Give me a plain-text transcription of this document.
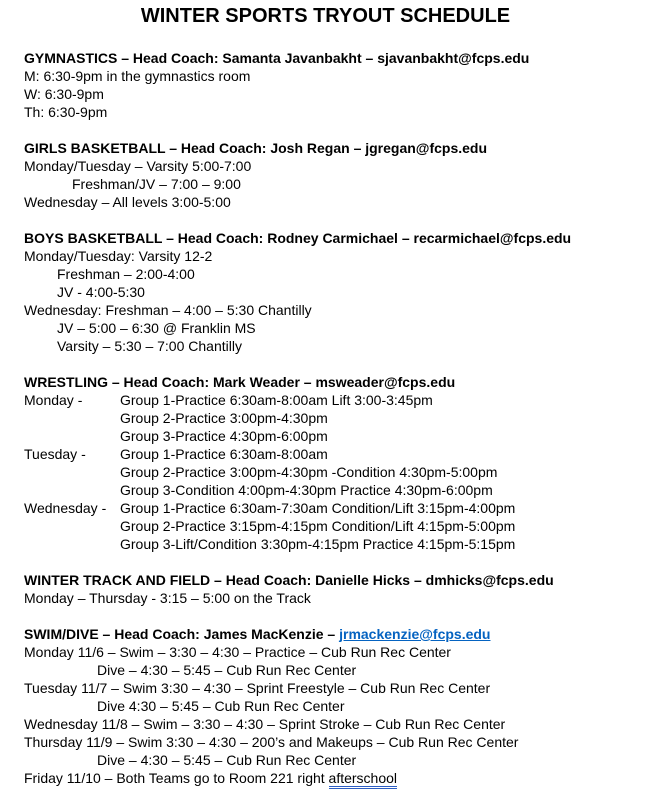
WINTER SPORTS TRYOUT SCHEDULE
GYMNASTICS – Head Coach: Samanta Javanbakht – sjavanbakht@fcps.edu
M: 6:30-9pm in the gymnastics room
W: 6:30-9pm
Th: 6:30-9pm
GIRLS BASKETBALL – Head Coach: Josh Regan – jgregan@fcps.edu
Monday/Tuesday – Varsity 5:00-7:00
Freshman/JV – 7:00 – 9:00
Wednesday – All levels 3:00-5:00
BOYS BASKETBALL – Head Coach: Rodney Carmichael – recarmichael@fcps.edu
Monday/Tuesday: Varsity 12-2
Freshman – 2:00-4:00
JV - 4:00-5:30
Wednesday: Freshman – 4:00 – 5:30 Chantilly
JV – 5:00 – 6:30 @ Franklin MS
Varsity – 5:30 – 7:00 Chantilly
WRESTLING – Head Coach: Mark Weader – msweader@fcps.edu
Monday -	Group 1-Practice 6:30am-8:00am Lift 3:00-3:45pm
Group 2-Practice 3:00pm-4:30pm
Group 3-Practice 4:30pm-6:00pm
Tuesday - Group 1-Practice 6:30am-8:00am
Group 2-Practice 3:00pm-4:30pm -Condition 4:30pm-5:00pm
Group 3-Condition 4:00pm-4:30pm Practice 4:30pm-6:00pm
Wednesday - Group 1-Practice 6:30am-7:30am Condition/Lift 3:15pm-4:00pm
Group 2-Practice 3:15pm-4:15pm Condition/Lift 4:15pm-5:00pm
Group 3-Lift/Condition 3:30pm-4:15pm Practice 4:15pm-5:15pm
WINTER TRACK AND FIELD – Head Coach: Danielle Hicks – dmhicks@fcps.edu
Monday – Thursday - 3:15 – 5:00 on the Track
SWIM/DIVE – Head Coach: James MacKenzie – jrmackenzie@fcps.edu
Monday 11/6 – Swim – 3:30 – 4:30 – Practice – Cub Run Rec Center
Dive – 4:30 – 5:45 – Cub Run Rec Center
Tuesday 11/7 – Swim 3:30 – 4:30 – Sprint Freestyle – Cub Run Rec Center
Dive 4:30 – 5:45 – Cub Run Rec Center
Wednesday 11/8 – Swim – 3:30 – 4:30 – Sprint Stroke – Cub Run Rec Center
Thursday 11/9 – Swim 3:30 – 4:30 – 200’s and Makeups – Cub Run Rec Center
Dive – 4:30 – 5:45 – Cub Run Rec Center
Friday 11/10 – Both Teams go to Room 221 right afterschool
